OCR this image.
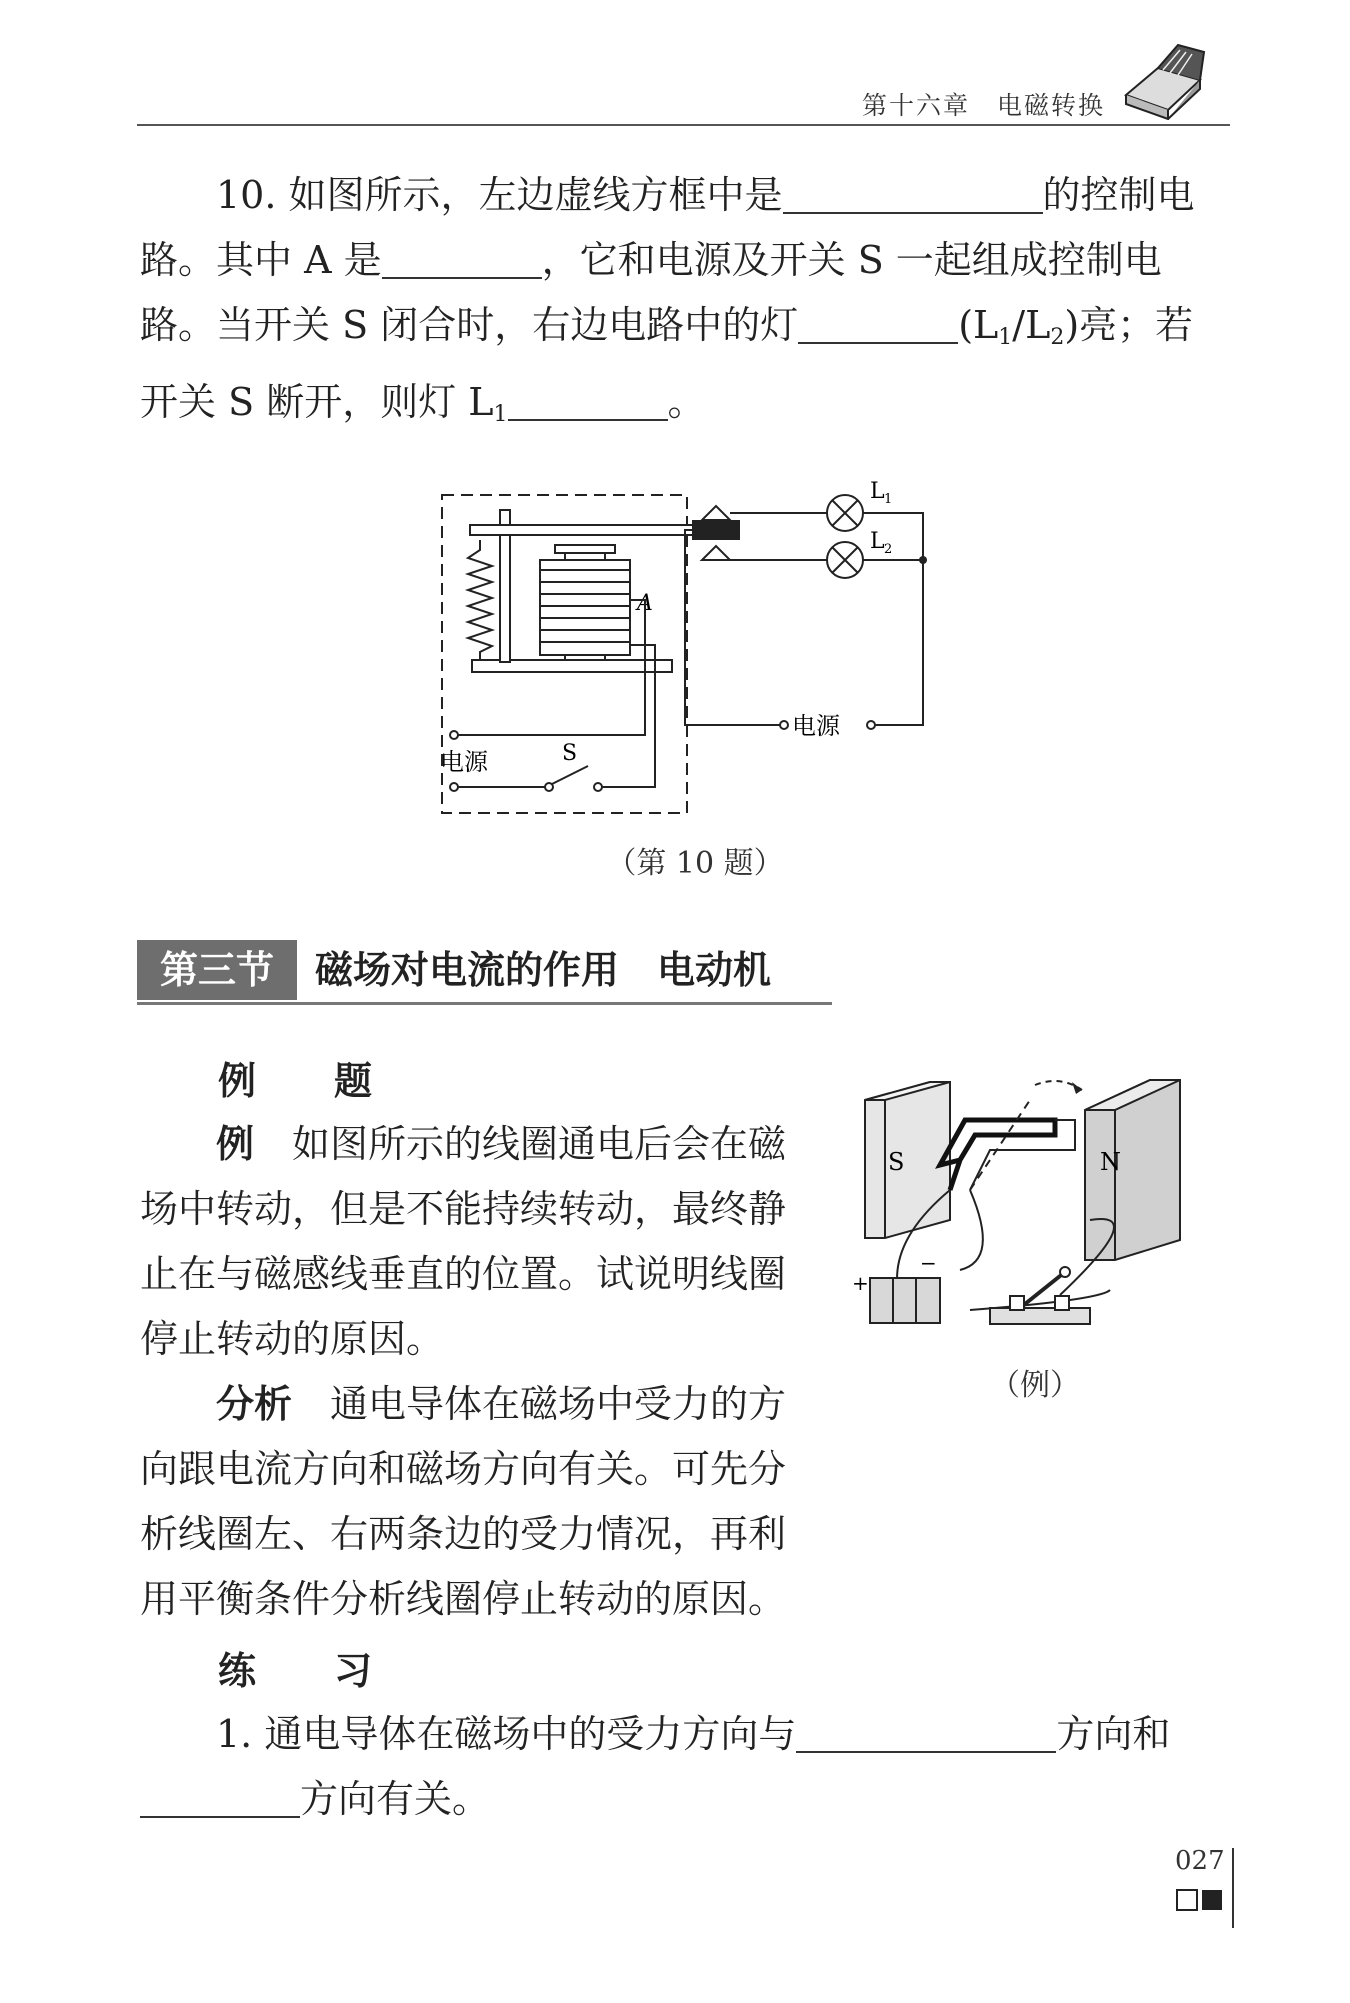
第十六章　电磁转换

10. 如图所示，左边虚线方框中是	的控制电路。其中 A 是	，它和电源及开关 S 一起组成控制电路。当开关 S 闭合时，右边电路中的灯	$(L_1/L_2)$亮；若开关 S 断开，则灯 $L_1$	。

A
电源	S
L 1
L 2
电源
（第 10 题）
第三节	磁场对电流的作用　电动机
例　题

例　 如图所示的线圈通电后会在磁场中转动，但是不能持续转动，最终静止在与磁感线垂直的位置。试说明线圈停止转动的原因。

分析　 通电导体在磁场中受力的方向跟电流方向和磁场方向有关。可先分析线圈左、右两条边的受力情况，再利用平衡条件分析线圈停止转动的原因。

S	N
+
−
（例）
练　习

1. 通电导体在磁场中的受力方向与	方向和方向有关。

027
